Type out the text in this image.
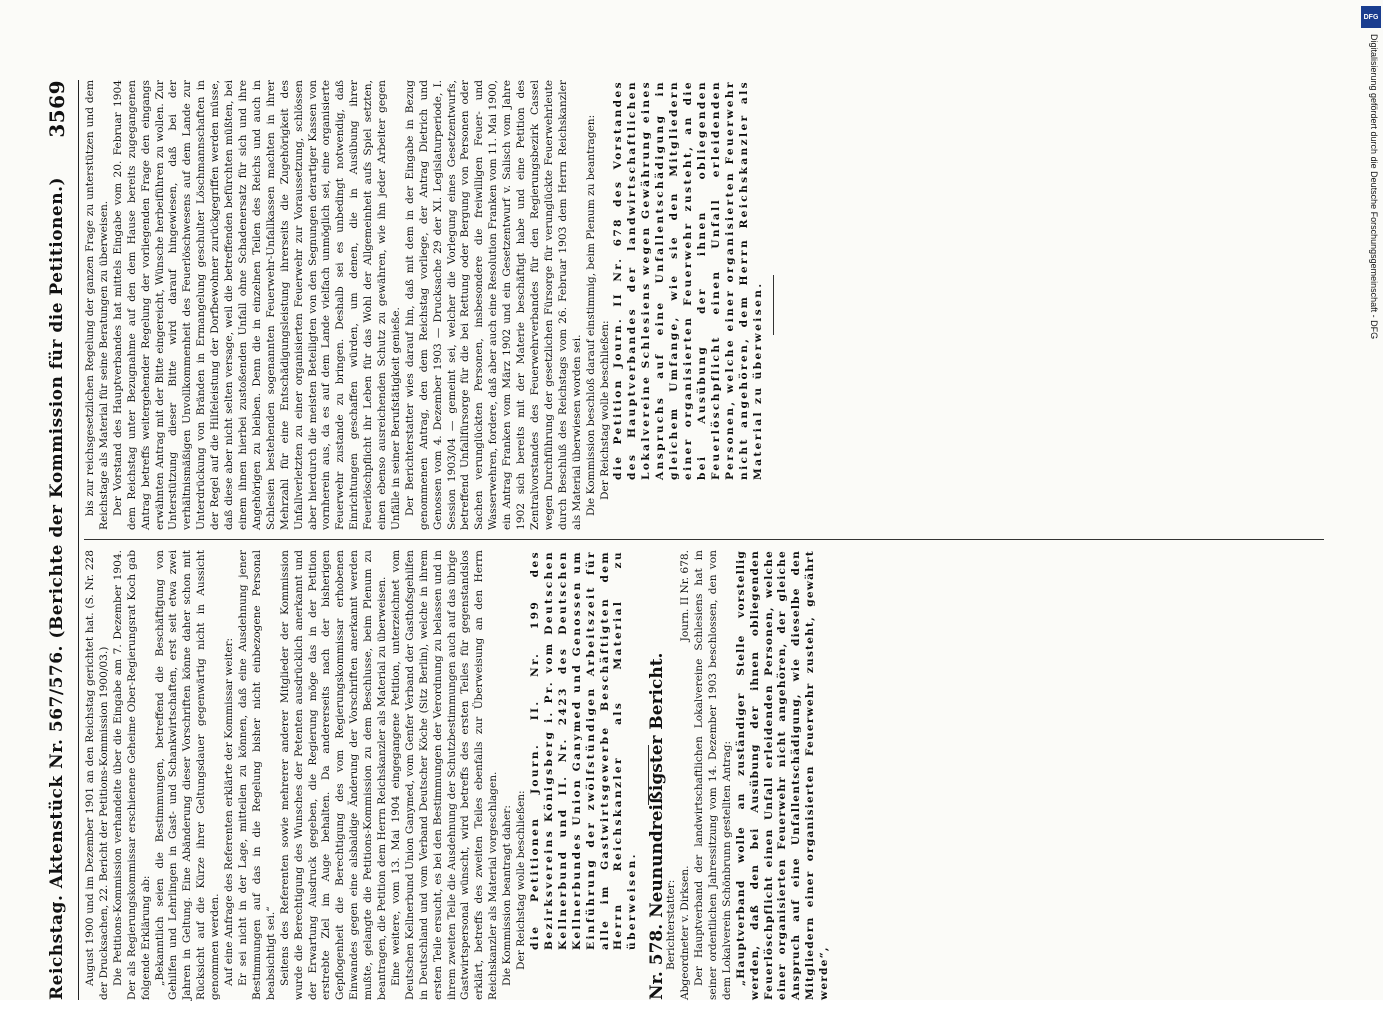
Reichstag. Aktenstück Nr. 567/576. (Berichte der Kommission für die Petitionen.)
3569

August 1900 und im Dezember 1901 an den Reichstag gerichtet hat. (S. Nr. 228 der Drucksachen, 22. Bericht der Petitions-Kommission 1900/03.) Die Petitions-Kommission verhandelte über die Eingabe am 7. Dezember 1904. Der als Regierungskommissar erschienene Geheime Ober-Regierungsrat Koch gab folgende Erklärung ab: „Bekanntlich seien die Bestimmungen, betreffend die Beschäftigung von Gehilfen und Lehrlingen in Gast- und Schankwirtschaften, erst seit etwa zwei Jahren in Geltung. Eine Abänderung dieser Vorschriften könne daher schon mit Rücksicht auf die Kürze ihrer Geltungsdauer gegenwärtig nicht in Aussicht genommen werden. Auf eine Anfrage des Referenten erklärte der Kommissar weiter: Er sei nicht in der Lage, mitteilen zu können, daß eine Ausdehnung jener Bestimmungen auf das in die Regelung bisher nicht einbezogene Personal beabsichtigt sei.“ Seitens des Referenten sowie mehrerer anderer Mitglieder der Kommission wurde die Berechtigung des Wunsches der Petenten ausdrücklich anerkannt und der Erwartung Ausdruck gegeben, die Regierung möge das in der Petition erstrebte Ziel im Auge behalten. Da andererseits nach der bisherigen Gepflogenheit die Berechtigung des vom Regierungskommissar erhobenen Einwandes gegen eine alsbaldige Änderung der Vorschriften anerkannt werden mußte, gelangte die Petitions-Kommission zu dem Beschlusse, beim Plenum zu beantragen, die Petition dem Herrn Reichskanzler als Material zu überweisen. Eine weitere, vom 13. Mai 1904 eingegangene Petition, unterzeichnet vom Deutschen Kellnerbund Union Ganymed, vom Genfer Verband der Gasthofsgehilfen in Deutschland und vom Verband Deutscher Köche (Sitz Berlin), welche in ihrem ersten Teile ersucht, es bei den Bestimmungen der Verordnung zu belassen und in ihrem zweiten Teile die Ausdehnung der Schutzbestimmungen auch auf das übrige Gastwirtspersonal wünscht, wird betreffs des ersten Teiles für gegenstandslos erklärt, betreffs des zweiten Teiles ebenfalls zur Überweisung an den Herrn Reichskanzler als Material vorgeschlagen. Die Kommission beantragt daher: Der Reichstag wolle beschließen: die Petitionen Journ. II. Nr. 199 des Bezirksvereins Königsberg i. Pr. vom Deutschen Kellnerbund und II. Nr. 2423 des Deutschen Kellnerbundes Union Ganymed und Genossen um Einführung der zwölfstündigen Arbeitszeit für alle im Gastwirtsgewerbe Beschäftigten dem Herrn Reichskanzler als Material zu überweisen. Nr. 578. Neunundreißigster Bericht.

Berichterstatter: Abgeordneter v. Dirksen.
Journ. II Nr. 678. Der Hauptverband der landwirtschaftlichen Lokalvereine Schlesiens hat in seiner ordentlichen Jahressitzung vom 14. Dezember 1903 beschlossen, den von dem Lokalverein Schönbrunn gestellten Antrag: „Hauptverband wolle an zuständiger Stelle vorstellig werden, daß den bei Ausübung der ihnen obliegenden Feuerlöschpflicht einen Unfall erleidenden Personen, welche einer organisierten Feuerwehr nicht angehören, der gleiche Anspruch auf eine Unfallentschädigung, wie dieselbe den Mitgliedern einer organisierten Feuerwehr zusteht, gewährt werde“,

bis zur reichsgesetzlichen Regelung der ganzen Frage zu unterstützen und dem Reichstage als Material für seine Beratungen zu überweisen. Der Vorstand des Hauptverbandes hat mittels Eingabe vom 20. Februar 1904 dem Reichstag unter Bezugnahme auf den dem Hause bereits zugegangenen Antrag betreffs weitergehender Regelung der vorliegenden Frage den eingangs erwähnten Antrag mit der Bitte eingereicht, Wünsche herbeiführen zu wollen. Zur Unterstützung dieser Bitte wird darauf hingewiesen, daß bei der verhältnismäßigen Unvollkommenheit des Feuerlöschwesens auf dem Lande zur Unterdrückung von Bränden in Ermangelung geschulter Löschmannschaften in der Regel auf die Hilfeleistung der Dorfbewohner zurückgegriffen werden müsse, daß diese aber nicht selten versage, weil die betreffenden befürchten müßten, bei einem ihnen hierbei zustoßenden Unfall ohne Schadenersatz für sich und ihre Angehörigen zu bleiben. Denn die in einzelnen Teilen des Reichs und auch in Schlesien bestehenden sogenannten Feuerwehr-Unfallkassen machten in ihrer Mehrzahl für eine Entschädigungsleistung ihrerseits die Zugehörigkeit des Unfallverletzten zu einer organisierten Feuerwehr zur Voraussetzung, schlössen aber hierdurch die meisten Beteiligten von den Segnungen derartiger Kassen von vornherein aus, da es auf dem Lande vielfach unmöglich sei, eine organisierte Feuerwehr zustande zu bringen. Deshalb sei es unbedingt notwendig, daß Einrichtungen geschaffen würden, um denen, die in Ausübung ihrer Feuerlöschpflicht ihr Leben für das Wohl der Allgemeinheit aufs Spiel setzten, einen ebenso ausreichenden Schutz zu gewähren, wie ihn jeder Arbeiter gegen Unfälle in seiner Berufstätigkeit genieße. Der Berichterstatter wies darauf hin, daß mit dem in der Eingabe in Bezug genommenen Antrag, den dem Reichstag vorliege, der Antrag Dietrich und Genossen vom 4. Dezember 1903 — Drucksache 29 der XI. Legislaturperiode, I. Session 1903/04 — gemeint sei, welcher die Vorlegung eines Gesetzentwurfs, betreffend Unfallfürsorge für die bei Rettung oder Bergung von Personen oder Sachen verunglückten Personen, insbesondere die freiwilligen Feuer- und Wasserwehren, fordere, daß aber auch eine Resolution Franken vom 11. Mai 1900, ein Antrag Franken vom März 1902 und ein Gesetzentwurf v. Salisch vom Jahre 1902 sich bereits mit der Materie beschäftigt habe und eine Petition des Zentralvorstandes des Feuerwehrverbandes für den Regierungsbezirk Cassel wegen Durchführung der gesetzlichen Fürsorge für verunglückte Feuerwehrleute durch Beschluß des Reichstags vom 26. Februar 1903 dem Herrn Reichskanzler als Material überwiesen worden sei. Die Kommission beschloß darauf einstimmig, beim Plenum zu beantragen: Der Reichstag wolle beschließen: die Petition Journ. II Nr. 678 des Vorstandes des Hauptverbandes der landwirtschaftlichen Lokalvereine Schlesiens wegen Gewährung eines Anspruchs auf eine Unfallentschädigung in gleichem Umfange, wie sie den Mitgliedern einer organisierten Feuerwehr zusteht, an die bei Ausübung der ihnen obliegenden Feuerlöschpflicht einen Unfall erleidenden Personen, welche einer organisierten Feuerwehr nicht angehören, dem Herrn Reichskanzler als Material zu überweisen.

DFG
Digitalisierung gefördert durch die Deutsche Forschungsgemeinschaft - DFG
